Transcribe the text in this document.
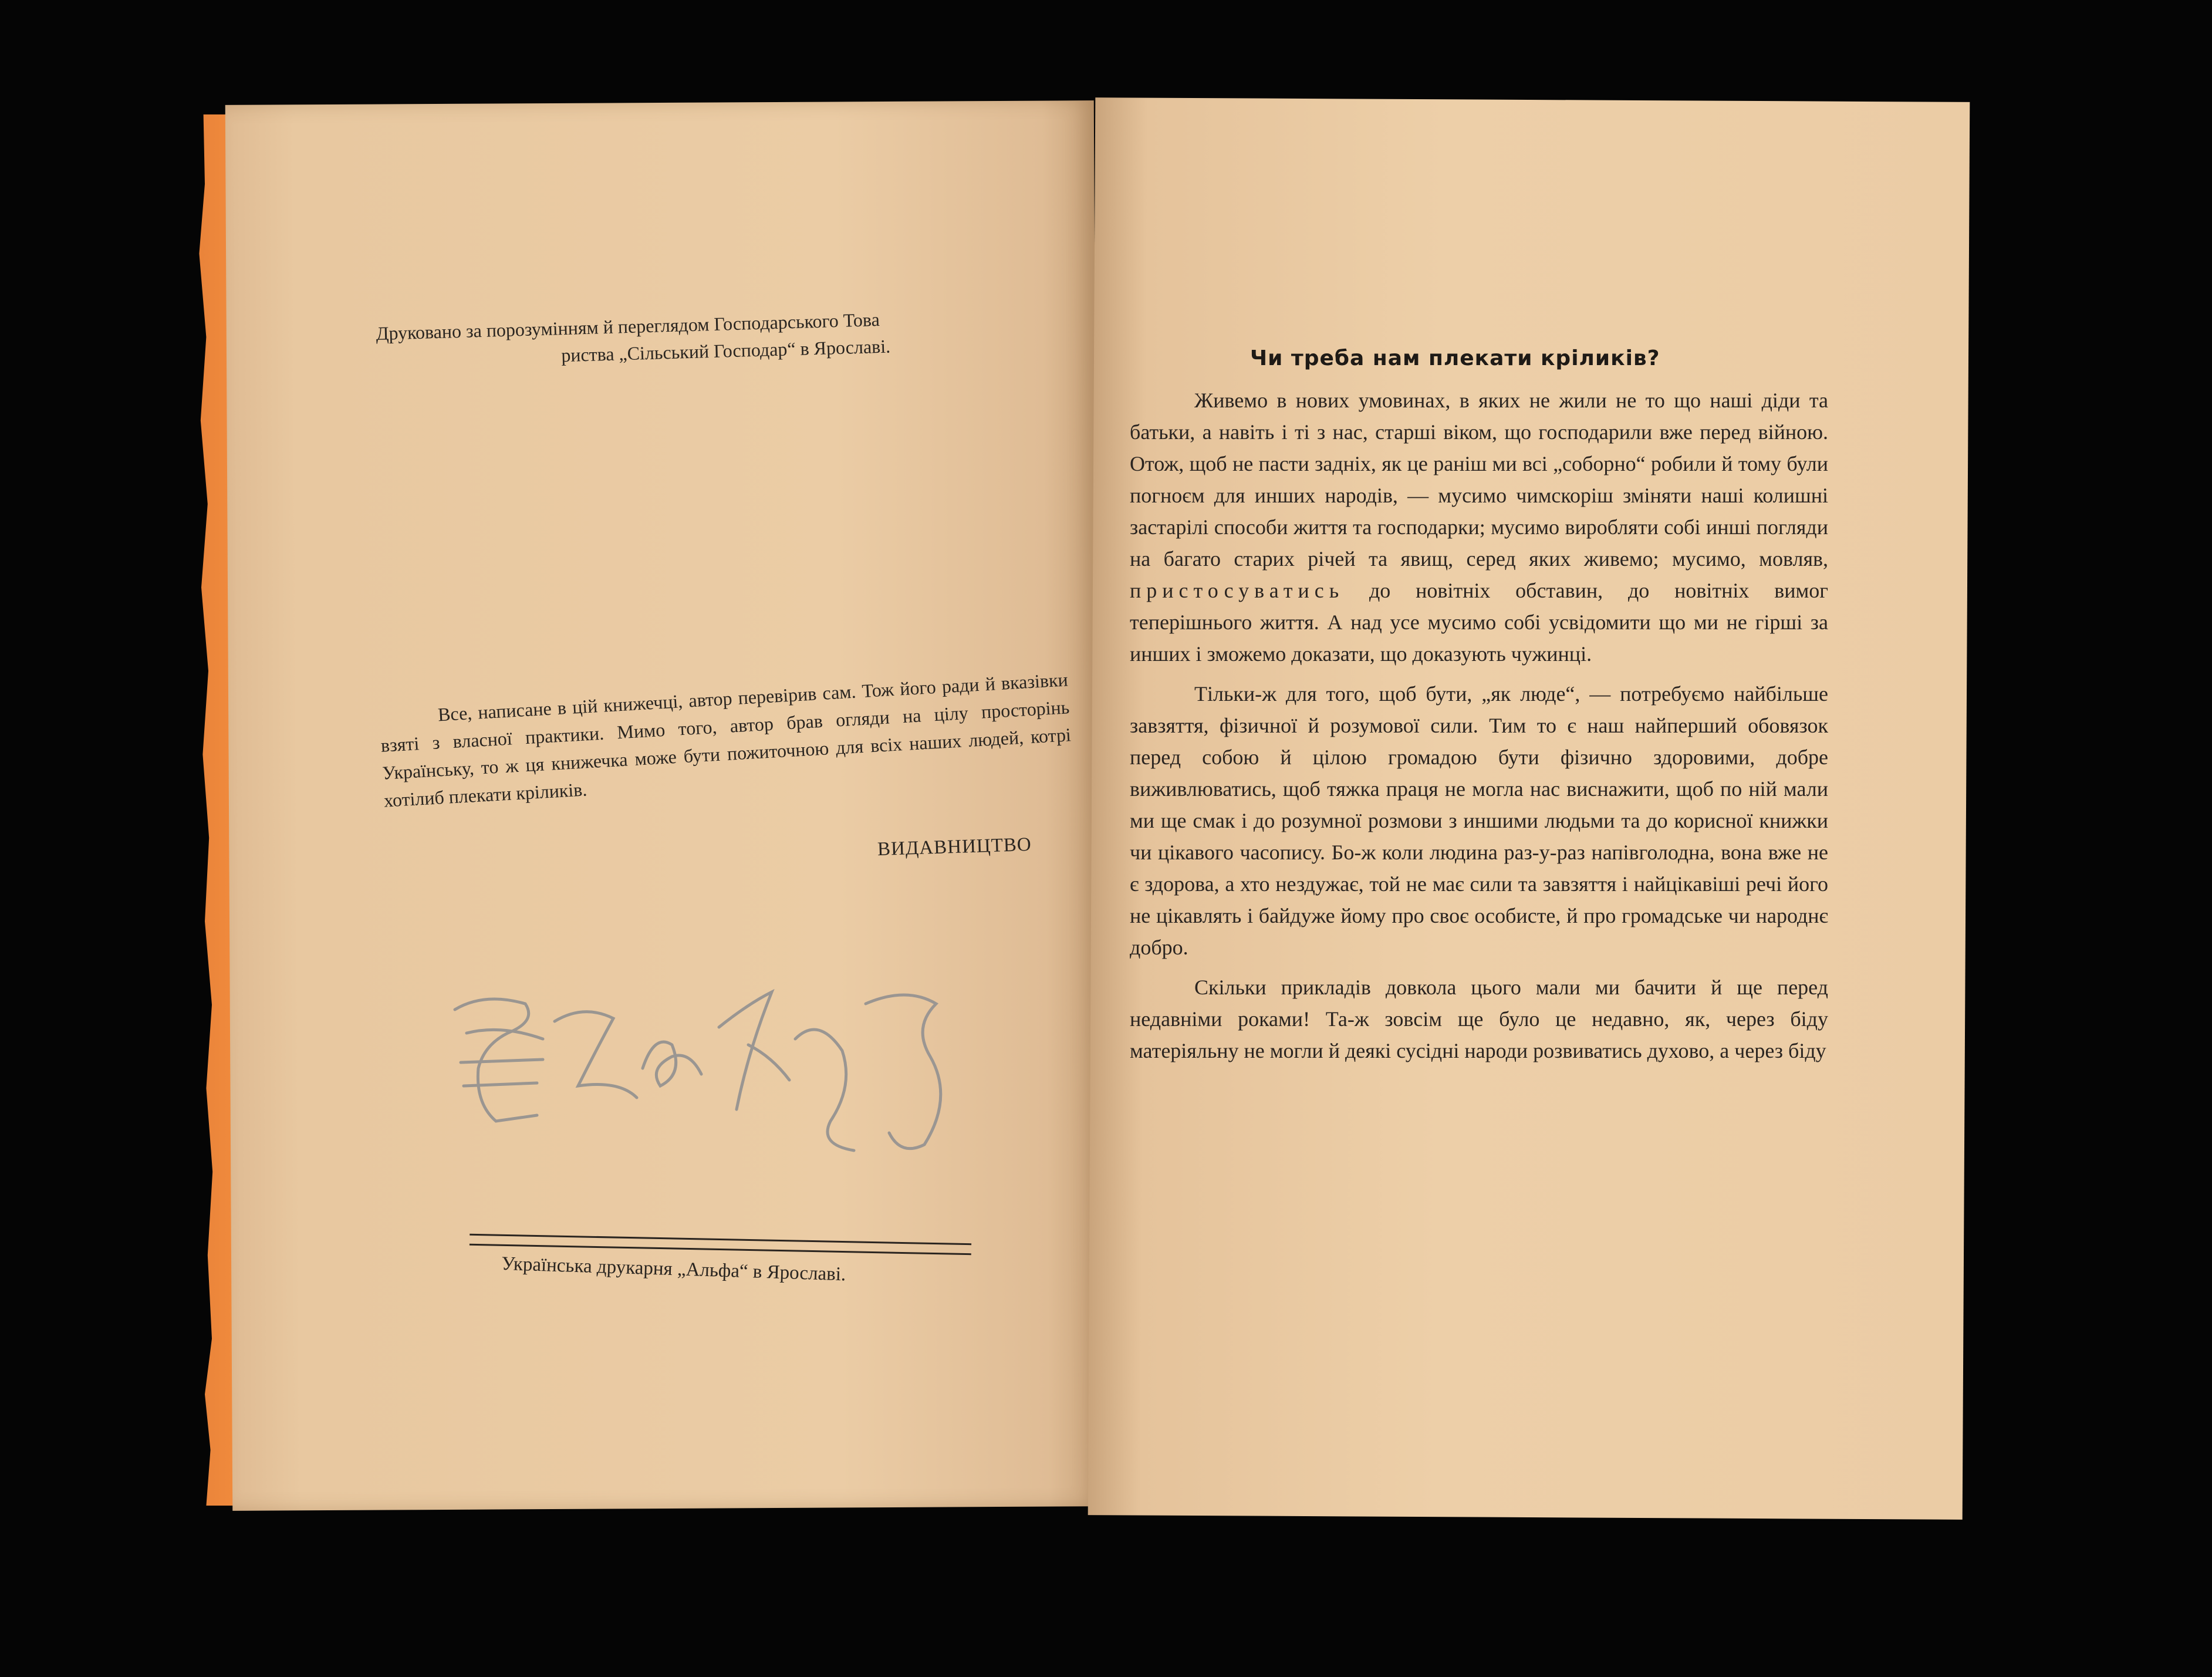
Друковано за порозумінням й переглядом Господарського Това

риства „Сільський Господар“ в Ярославі.
Все, написане в цій книжечці, автор перевірив сам. Тож його ради й вказівки взяті з власної практики. Мимо того, автор брав огляди на цілу просторінь Українську, то ж ця книжечка може бути пожиточною для всіх наших людей, котрі хотілиб плекати кріликів.
ВИДАВНИЦТВО
Українська друкарня „Альфа“ в Ярославі.
Чи треба нам плекати кріликів?

Живемо в нових умовинах, в яких не жили не то що наші діди та батьки, а навіть і ті з нас, старші віком, що господарили вже перед війною. Отож, щоб не пасти задніх, як це раніш ми всі „соборно“ робили й тому були погноєм для инших народів, — мусимо чимскоріш зміняти наші колишні застарілі способи життя та господарки; мусимо виробляти собі инші погляди на багато старих річей та явищ, серед яких живемо; мусимо, мовляв, пристосуватись до новітніх обставин, до новітніх вимог теперішнього життя. А над усе мусимо собі усвідомити що ми не гірші за инших і зможемо доказати, що доказують чужинці.

Тільки-ж для того, щоб бути, „як люде“, — потребуємо найбільше завзяття, фізичної й розумової сили. Тим то є наш найперший обовязок перед собою й цілою громадою бути фізично здоровими, добре виживлюватись, щоб тяжка праця не могла нас виснажити, щоб по ній мали ми ще смак і до розумної розмови з иншими людьми та до корисної книжки чи цікавого часопису. Бо-ж коли людина раз-у-раз напівголодна, вона вже не є здорова, а хто нездужає, той не має сили та завзяття і найцікавіші речі його не цікавлять і байдуже йому про своє особисте, й про громадське чи народнє добро.

Скільки прикладів довкола цього мали ми бачити й ще перед недавніми роками! Та-ж зовсім ще було це недавно, як, через біду матеріяльну не могли й деякі сусідні народи розвиватись духово, а через біду
